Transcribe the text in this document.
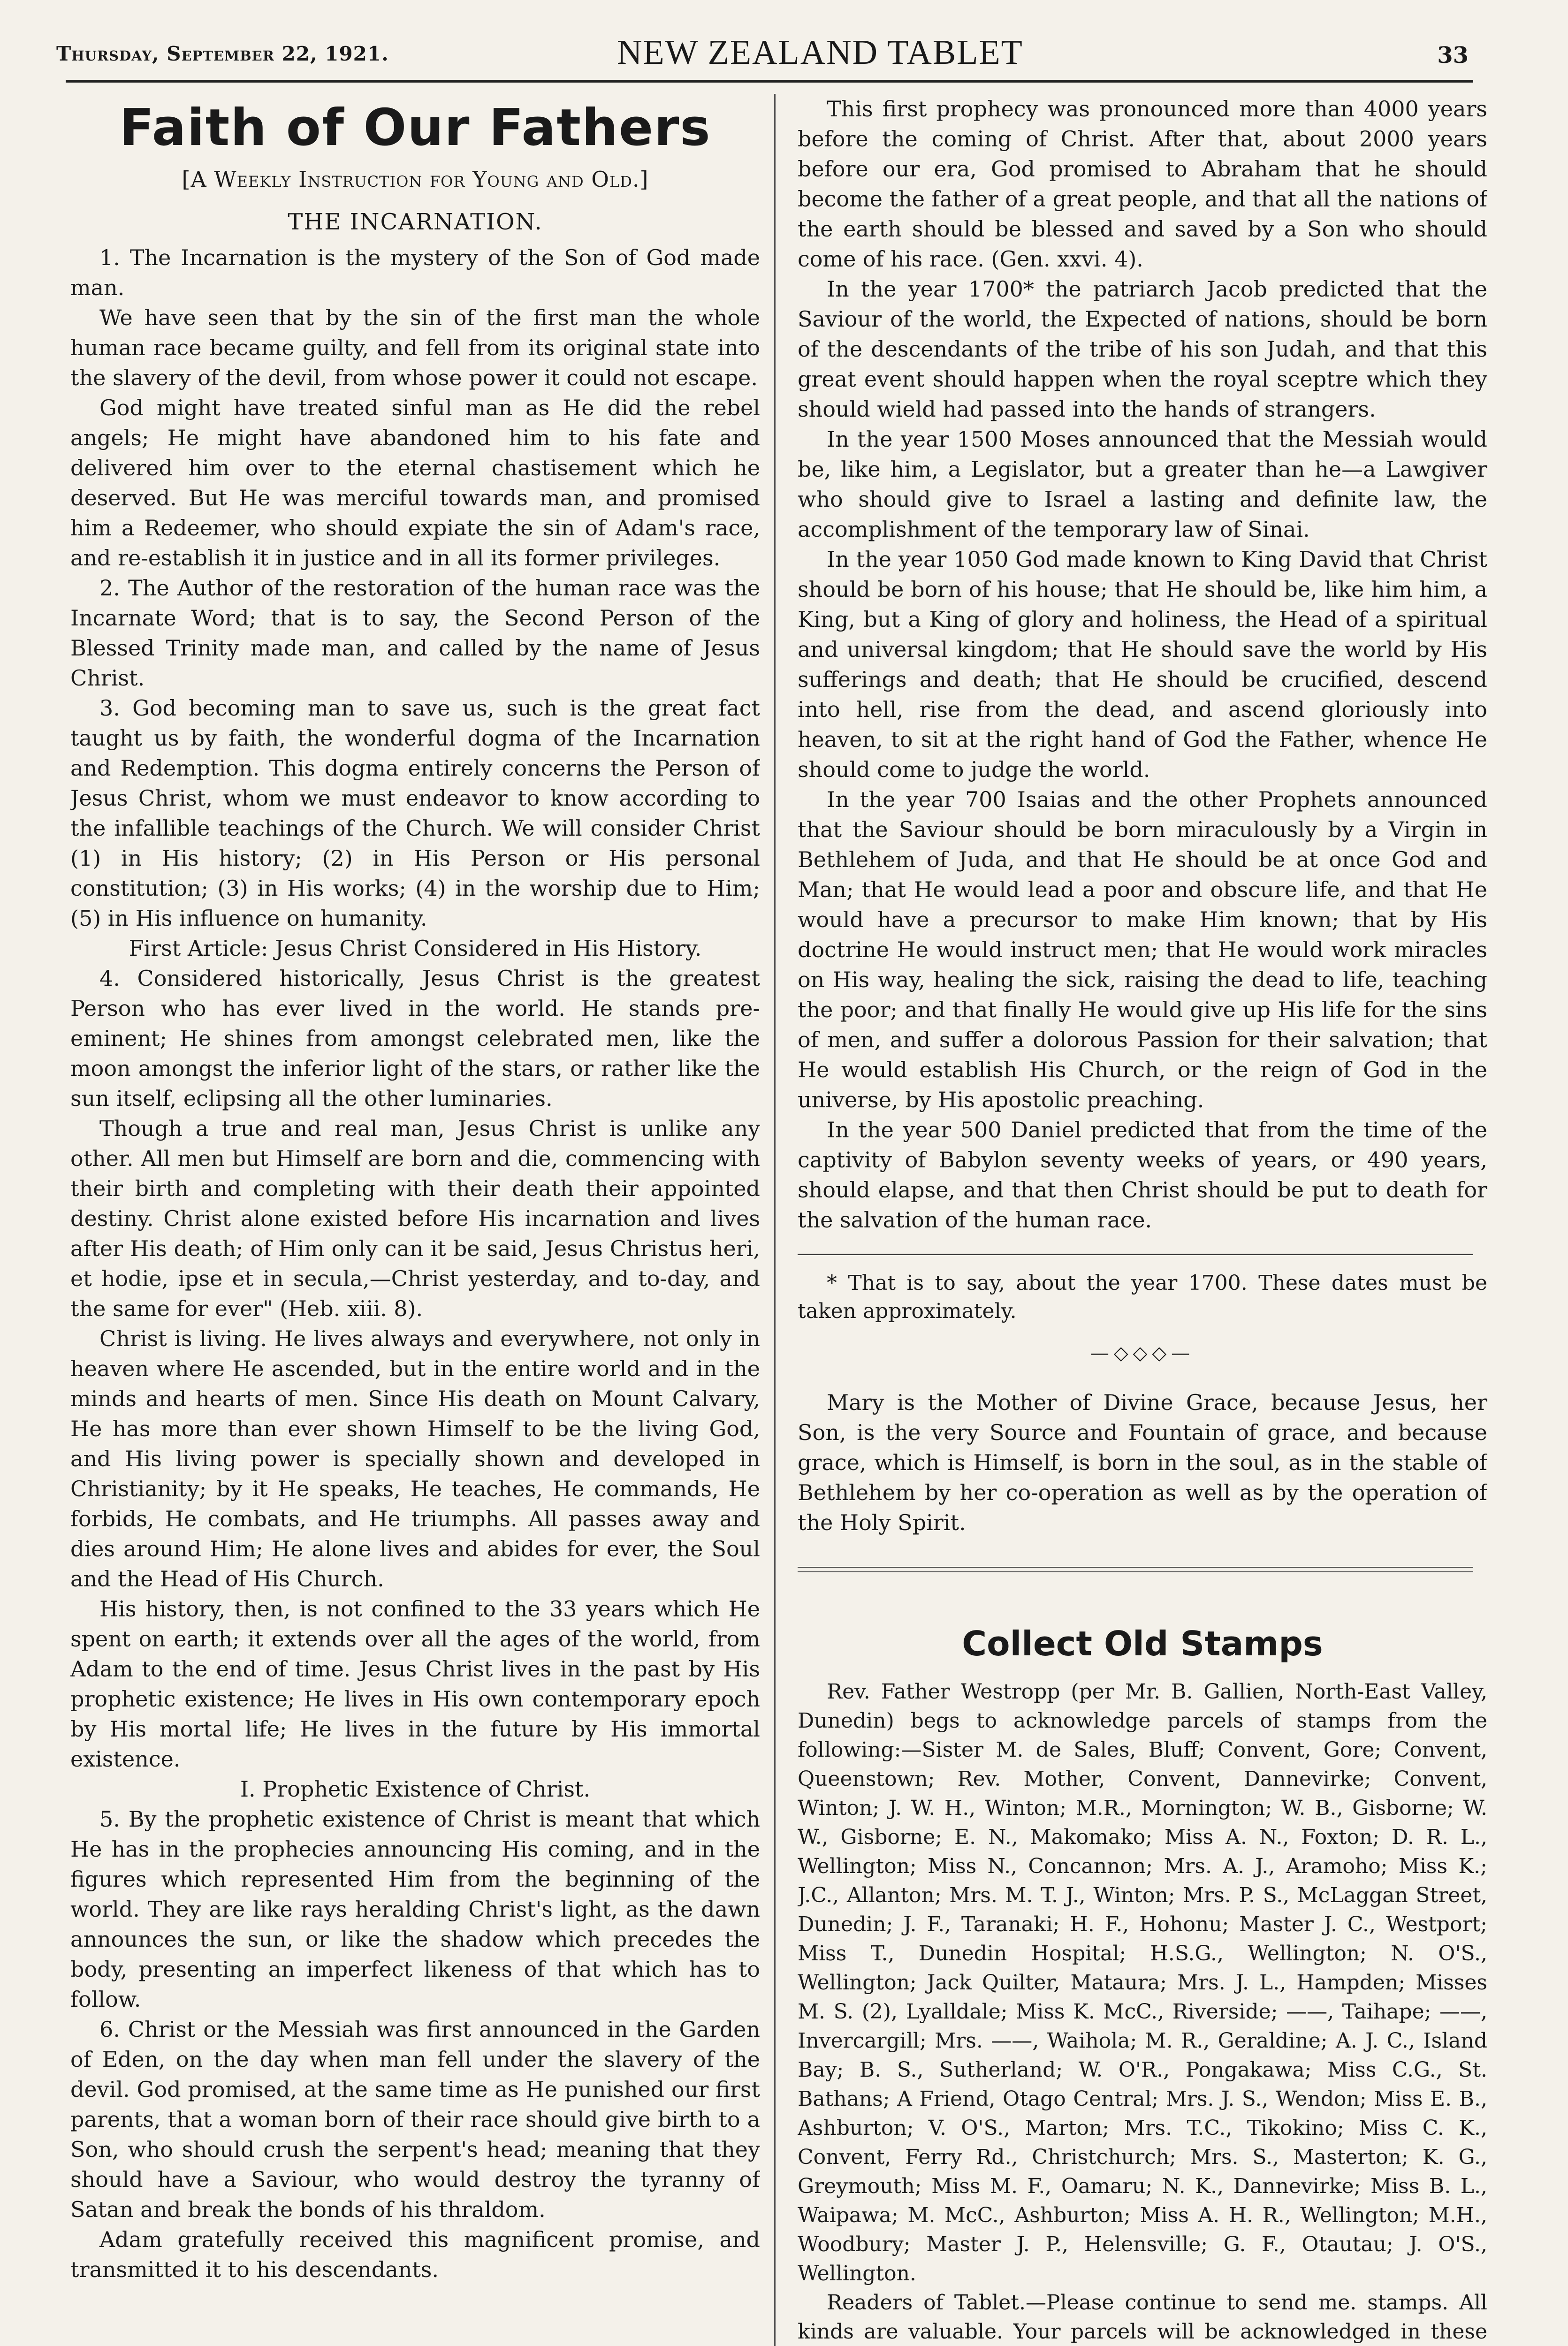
Thursday, September 22, 1921.	NEW ZEALAND TABLET	33
Faith of Our Fathers
[A Weekly Instruction for Young and Old.]
THE INCARNATION.

1. The Incarnation is the mystery of the Son of God made man.

We have seen that by the sin of the first man the whole human race became guilty, and fell from its original state into the slavery of the devil, from whose power it could not escape.

God might have treated sinful man as He did the rebel angels; He might have abandoned him to his fate and delivered him over to the eternal chastisement which he deserved. But He was merciful towards man, and promised him a Redeemer, who should expiate the sin of Adam's race, and re-establish it in justice and in all its former privileges.

2. The Author of the restoration of the human race was the Incarnate Word; that is to say, the Second Person of the Blessed Trinity made man, and called by the name of Jesus Christ.

3. God becoming man to save us, such is the great fact taught us by faith, the wonderful dogma of the Incarnation and Redemption. This dogma entirely concerns the Person of Jesus Christ, whom we must endeavor to know according to the infallible teachings of the Church. We will consider Christ (1) in His history; (2) in His Person or His personal constitution; (3) in His works; (4) in the worship due to Him; (5) in His influence on humanity.

First Article: Jesus Christ Considered in His History.

4. Considered historically, Jesus Christ is the greatest Person who has ever lived in the world. He stands pre-eminent; He shines from amongst celebrated men, like the moon amongst the inferior light of the stars, or rather like the sun itself, eclipsing all the other luminaries.

Though a true and real man, Jesus Christ is unlike any other. All men but Himself are born and die, commencing with their birth and completing with their death their appointed destiny. Christ alone existed before His incarnation and lives after His death; of Him only can it be said, Jesus Christus heri, et hodie, ipse et in secula,—Christ yesterday, and to-day, and the same for ever" (Heb. xiii. 8).

Christ is living. He lives always and everywhere, not only in heaven where He ascended, but in the entire world and in the minds and hearts of men. Since His death on Mount Calvary, He has more than ever shown Himself to be the living God, and His living power is specially shown and developed in Christianity; by it He speaks, He teaches, He commands, He forbids, He combats, and He triumphs. All passes away and dies around Him; He alone lives and abides for ever, the Soul and the Head of His Church.

His history, then, is not confined to the 33 years which He spent on earth; it extends over all the ages of the world, from Adam to the end of time. Jesus Christ lives in the past by His prophetic existence; He lives in His own contemporary epoch by His mortal life; He lives in the future by His immortal existence.

I. Prophetic Existence of Christ.

5. By the prophetic existence of Christ is meant that which He has in the prophecies announcing His coming, and in the figures which represented Him from the beginning of the world. They are like rays heralding Christ's light, as the dawn announces the sun, or like the shadow which precedes the body, presenting an imperfect likeness of that which has to follow.

6. Christ or the Messiah was first announced in the Garden of Eden, on the day when man fell under the slavery of the devil. God promised, at the same time as He punished our first parents, that a woman born of their race should give birth to a Son, who should crush the serpent's head; meaning that they should have a Saviour, who would destroy the tyranny of Satan and break the bonds of his thraldom.

Adam gratefully received this magnificent promise, and transmitted it to his descendants.

This first prophecy was pronounced more than 4000 years before the coming of Christ. After that, about 2000 years before our era, God promised to Abraham that he should become the father of a great people, and that all the nations of the earth should be blessed and saved by a Son who should come of his race. (Gen. xxvi. 4).

In the year 1700* the patriarch Jacob predicted that the Saviour of the world, the Expected of nations, should be born of the descendants of the tribe of his son Judah, and that this great event should happen when the royal sceptre which they should wield had passed into the hands of strangers.

In the year 1500 Moses announced that the Messiah would be, like him, a Legislator, but a greater than he—a Lawgiver who should give to Israel a lasting and definite law, the accomplishment of the temporary law of Sinai.

In the year 1050 God made known to King David that Christ should be born of his house; that He should be, like him him, a King, but a King of glory and holiness, the Head of a spiritual and universal kingdom; that He should save the world by His sufferings and death; that He should be crucified, descend into hell, rise from the dead, and ascend gloriously into heaven, to sit at the right hand of God the Father, whence He should come to judge the world.

In the year 700 Isaias and the other Prophets announced that the Saviour should be born miraculously by a Virgin in Bethlehem of Juda, and that He should be at once God and Man; that He would lead a poor and obscure life, and that He would have a precursor to make Him known; that by His doctrine He would instruct men; that He would work miracles on His way, healing the sick, raising the dead to life, teaching the poor; and that finally He would give up His life for the sins of men, and suffer a dolorous Passion for their salvation; that He would establish His Church, or the reign of God in the universe, by His apostolic preaching.

In the year 500 Daniel predicted that from the time of the captivity of Babylon seventy weeks of years, or 490 years, should elapse, and that then Christ should be put to death for the salvation of the human race.

* That is to say, about the year 1700. These dates must be taken approximately.

—◇◇◇—

Mary is the Mother of Divine Grace, because Jesus, her Son, is the very Source and Fountain of grace, and because grace, which is Himself, is born in the soul, as in the stable of Bethlehem by her co-operation as well as by the operation of the Holy Spirit.

Collect Old Stamps

Rev. Father Westropp (per Mr. B. Gallien, North-East Valley, Dunedin) begs to acknowledge parcels of stamps from the following:—Sister M. de Sales, Bluff; Convent, Gore; Convent, Queenstown; Rev. Mother, Convent, Dannevirke; Convent, Winton; J. W. H., Winton; M.R., Mornington; W. B., Gisborne; W. W., Gisborne; E. N., Makomako; Miss A. N., Foxton; D. R. L., Wellington; Miss N., Concannon; Mrs. A. J., Aramoho; Miss K.; J.C., Allanton; Mrs. M. T. J., Winton; Mrs. P. S., McLaggan Street, Dunedin; J. F., Taranaki; H. F., Hohonu; Master J. C., Westport; Miss T., Dunedin Hospital; H.S.G., Wellington; N. O'S., Wellington; Jack Quilter, Mataura; Mrs. J. L., Hampden; Misses M. S. (2), Lyalldale; Miss K. McC., Riverside; ——, Taihape; ——, Invercargill; Mrs. ——, Waihola; M. R., Geraldine; A. J. C., Island Bay; B. S., Sutherland; W. O'R., Pongakawa; Miss C.G., St. Bathans; A Friend, Otago Central; Mrs. J. S., Wendon; Miss E. B., Ashburton; V. O'S., Marton; Mrs. T.C., Tikokino; Miss C. K., Convent, Ferry Rd., Christchurch; Mrs. S., Masterton; K. G., Greymouth; Miss M. F., Oamaru; N. K., Dannevirke; Miss B. L., Waipawa; M. McC., Ashburton; Miss A. H. R., Wellington; M.H., Woodbury; Master J. P., Helensville; G. F., Otautau; J. O'S., Wellington.

Readers of Tablet.—Please continue to send me. stamps. All kinds are valuable. Your parcels will be acknowledged in these
